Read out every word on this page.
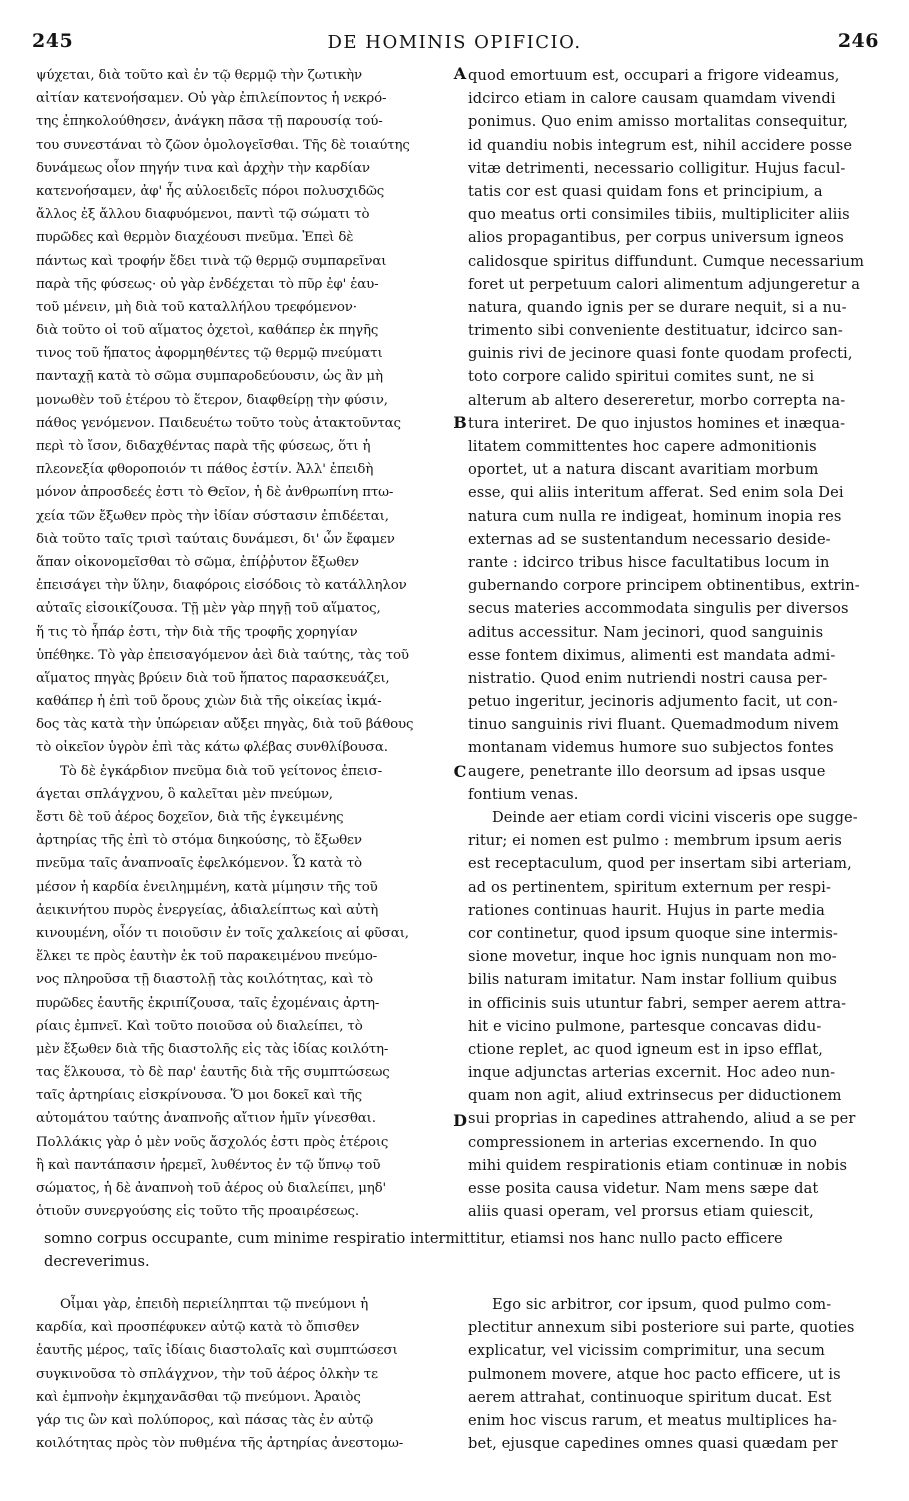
245	DE HOMINIS OPIFICIO.	246
A
B
C
D
ψύχεται, διὰ τοῦτο καὶ ἐν τῷ θερμῷ τὴν ζωτικὴν
αἰτίαν κατενοήσαμεν. Οὐ γὰρ ἐπιλείποντος ἡ νεκρό-
της ἐπηκολούθησεν, ἀνάγκη πᾶσα τῇ παρουσίᾳ τού-
του συνεστάναι τὸ ζῶον ὁμολογεῖσθαι. Τῆς δὲ τοιαύτης
δυνάμεως οἷον πηγήν τινα καὶ ἀρχὴν τὴν καρδίαν
κατενοήσαμεν, ἀφ' ἧς αὐλοειδεῖς πόροι πολυσχιδῶς
ἄλλος ἐξ ἄλλου διαφυόμενοι, παντὶ τῷ σώματι τὸ
πυρῶδες καὶ θερμὸν διαχέουσι πνεῦμα. Ἐπεὶ δὲ
πάντως καὶ τροφήν ἔδει τινὰ τῷ θερμῷ συμπαρεῖναι
παρὰ τῆς φύσεως· οὐ γὰρ ἐνδέχεται τὸ πῦρ ἐφ' ἑαυ-
τοῦ μένειν, μὴ διὰ τοῦ καταλλήλου τρεφόμενον·
διὰ τοῦτο οἱ τοῦ αἵματος ὀχετοὶ, καθάπερ ἐκ πηγῆς
τινος τοῦ ἥπατος ἀφορμηθέντες τῷ θερμῷ πνεύματι
πανταχῇ κατὰ τὸ σῶμα συμπαροδεύουσιν, ὡς ἂν μὴ
μονωθὲν τοῦ ἑτέρου τὸ ἕτερον, διαφθείρῃ τὴν φύσιν,
πάθος γενόμενον. Παιδευέτω τοῦτο τοὺς ἀτακτοῦντας
περὶ τὸ ἴσον, διδαχθέντας παρὰ τῆς φύσεως, ὅτι ἡ
πλεονεξία φθοροποιόν τι πάθος ἐστίν. Ἀλλ' ἐπειδὴ
μόνον ἀπροσδεές ἐστι τὸ Θεῖον, ἡ δὲ ἀνθρωπίνη πτω-
χεία τῶν ἔξωθεν πρὸς τὴν ἰδίαν σύστασιν ἐπιδέεται,
διὰ τοῦτο ταῖς τρισὶ ταύταις δυνάμεσι, δι' ὧν ἔφαμεν
ἅπαν οἰκονομεῖσθαι τὸ σῶμα, ἐπίῤῥυτον ἔξωθεν
ἐπεισάγει τὴν ὕλην, διαφόροις εἰσόδοις τὸ κατάλληλον
αὐταῖς εἰσοικίζουσα. Τῇ μὲν γὰρ πηγῇ τοῦ αἵματος,
ἥ τις τὸ ἧπάρ ἐστι, τὴν διὰ τῆς τροφῆς χορηγίαν
ὑπέθηκε. Τὸ γὰρ ἐπεισαγόμενον ἀεὶ διὰ ταύτης, τὰς τοῦ
αἵματος πηγὰς βρύειν διὰ τοῦ ἥπατος παρασκευάζει,
καθάπερ ἡ ἐπὶ τοῦ ὄρους χιὼν διὰ τῆς οἰκείας ἰκμά-
δος τὰς κατὰ τὴν ὑπώρειαν αὔξει πηγὰς, διὰ τοῦ βάθους
τὸ οἰκεῖον ὑγρὸν ἐπὶ τὰς κάτω φλέβας συνθλίβουσα.
Τὸ δὲ ἐγκάρδιον πνεῦμα διὰ τοῦ γείτονος ἐπεισ-
άγεται σπλάγχνου, ὃ καλεῖται μὲν πνεύμων,
ἔστι δὲ τοῦ ἀέρος δοχεῖον, διὰ τῆς ἐγκειμένης
ἀρτηρίας τῆς ἐπὶ τὸ στόμα διηκούσης, τὸ ἔξωθεν
πνεῦμα ταῖς ἀναπνοαῖς ἐφελκόμενον. Ὧ κατὰ τὸ
μέσον ἡ καρδία ἐνειλημμένη, κατὰ μίμησιν τῆς τοῦ
ἀεικινήτου πυρὸς ἐνεργείας, ἀδιαλείπτως καὶ αὐτὴ
κινουμένη, οἷόν τι ποιοῦσιν ἐν τοῖς χαλκείοις αἱ φῦσαι,
ἕλκει τε πρὸς ἑαυτὴν ἐκ τοῦ παρακειμένου πνεύμο-
νος πληροῦσα τῇ διαστολῇ τὰς κοιλότητας, καὶ τὸ
πυρῶδες ἑαυτῆς ἐκριπίζουσα, ταῖς ἐχομέναις ἀρτη-
ρίαις ἐμπνεῖ. Καὶ τοῦτο ποιοῦσα οὐ διαλείπει, τὸ
μὲν ἔξωθεν διὰ τῆς διαστολῆς εἰς τὰς ἰδίας κοιλότη-
τας ἕλκουσα, τὸ δὲ παρ' ἑαυτῆς διὰ τῆς συμπτώσεως
ταῖς ἀρτηρίαις εἰσκρίνουσα. Ὅ μοι δοκεῖ καὶ τῆς
αὐτομάτου ταύτης ἀναπνοῆς αἴτιον ἡμῖν γίνεσθαι.
Πολλάκις γὰρ ὁ μὲν νοῦς ἄσχολός ἐστι πρὸς ἑτέροις
ἢ καὶ παντάπασιν ἠρεμεῖ, λυθέντος ἐν τῷ ὕπνῳ τοῦ
σώματος, ἡ δὲ ἀναπνοὴ τοῦ ἀέρος οὐ διαλείπει, μηδ'
ὁτιοῦν συνεργούσης εἰς τοῦτο τῆς προαιρέσεως.
quod emortuum est, occupari a frigore videamus,
idcirco etiam in calore causam quamdam vivendi
ponimus. Quo enim amisso mortalitas consequitur,
id quandiu nobis integrum est, nihil accidere posse
vitæ detrimenti, necessario colligitur. Hujus facul-
tatis cor est quasi quidam fons et principium, a
quo meatus orti consimiles tibiis, multipliciter aliis
alios propagantibus, per corpus universum igneos
calidosque spiritus diffundunt. Cumque necessarium
foret ut perpetuum calori alimentum adjungeretur a
natura, quando ignis per se durare nequit, si a nu-
trimento sibi conveniente destituatur, idcirco san-
guinis rivi de jecinore quasi fonte quodam profecti,
toto corpore calido spiritui comites sunt, ne si
alterum ab altero desereretur, morbo correpta na-
tura interiret. De quo injustos homines et inæqua-
litatem committentes hoc capere admonitionis
oportet, ut a natura discant avaritiam morbum
esse, qui aliis interitum afferat. Sed enim sola Dei
natura cum nulla re indigeat, hominum inopia res
externas ad se sustentandum necessario deside-
rante : idcirco tribus hisce facultatibus locum in
gubernando corpore principem obtinentibus, extrin-
secus materies accommodata singulis per diversos
aditus accessitur. Nam jecinori, quod sanguinis
esse fontem diximus, alimenti est mandata admi-
nistratio. Quod enim nutriendi nostri causa per-
petuo ingeritur, jecinoris adjumento facit, ut con-
tinuo sanguinis rivi fluant. Quemadmodum nivem
montanam videmus humore suo subjectos fontes
augere, penetrante illo deorsum ad ipsas usque
fontium venas.
Deinde aer etiam cordi vicini visceris ope sugge-
ritur; ei nomen est pulmo : membrum ipsum aeris
est receptaculum, quod per insertam sibi arteriam,
ad os pertinentem, spiritum externum per respi-
rationes continuas haurit. Hujus in parte media
cor continetur, quod ipsum quoque sine intermis-
sione movetur, inque hoc ignis nunquam non mo-
bilis naturam imitatur. Nam instar follium quibus
in officinis suis utuntur fabri, semper aerem attra-
hit e vicino pulmone, partesque concavas didu-
ctione replet, ac quod igneum est in ipso efflat,
inque adjunctas arterias excernit. Hoc adeo nun-
quam non agit, aliud extrinsecus per diductionem
sui proprias in capedines attrahendo, aliud a se per
compressionem in arterias excernendo. In quo
mihi quidem respirationis etiam continuæ in nobis
esse posita causa videtur. Nam mens sæpe dat
aliis quasi operam, vel prorsus etiam quiescit,
somno corpus occupante, cum minime respiratio intermittitur, etiamsi nos hanc nullo pacto efficere
decreverimus.
Οἶμαι γὰρ, ἐπειδὴ περιείληπται τῷ πνεύμονι ἡ
καρδία, καὶ προσπέφυκεν αὐτῷ κατὰ τὸ ὄπισθεν
ἑαυτῆς μέρος, ταῖς ἰδίαις διαστολαῖς καὶ συμπτώσεσι
συγκινοῦσα τὸ σπλάγχνον, τὴν τοῦ ἀέρος ὁλκὴν τε
καὶ ἐμπνοὴν ἐκμηχανᾶσθαι τῷ πνεύμονι. Ἀραιὸς
γάρ τις ὢν καὶ πολύπορος, καὶ πάσας τὰς ἐν αὐτῷ
κοιλότητας πρὸς τὸν πυθμένα τῆς ἀρτηρίας ἀνεστομω-
Ego sic arbitror, cor ipsum, quod pulmo com-
plectitur annexum sibi posteriore sui parte, quoties
explicatur, vel vicissim comprimitur, una secum
pulmonem movere, atque hoc pacto efficere, ut is
aerem attrahat, continuoque spiritum ducat. Est
enim hoc viscus rarum, et meatus multiplices ha-
bet, ejusque capedines omnes quasi quædam per
